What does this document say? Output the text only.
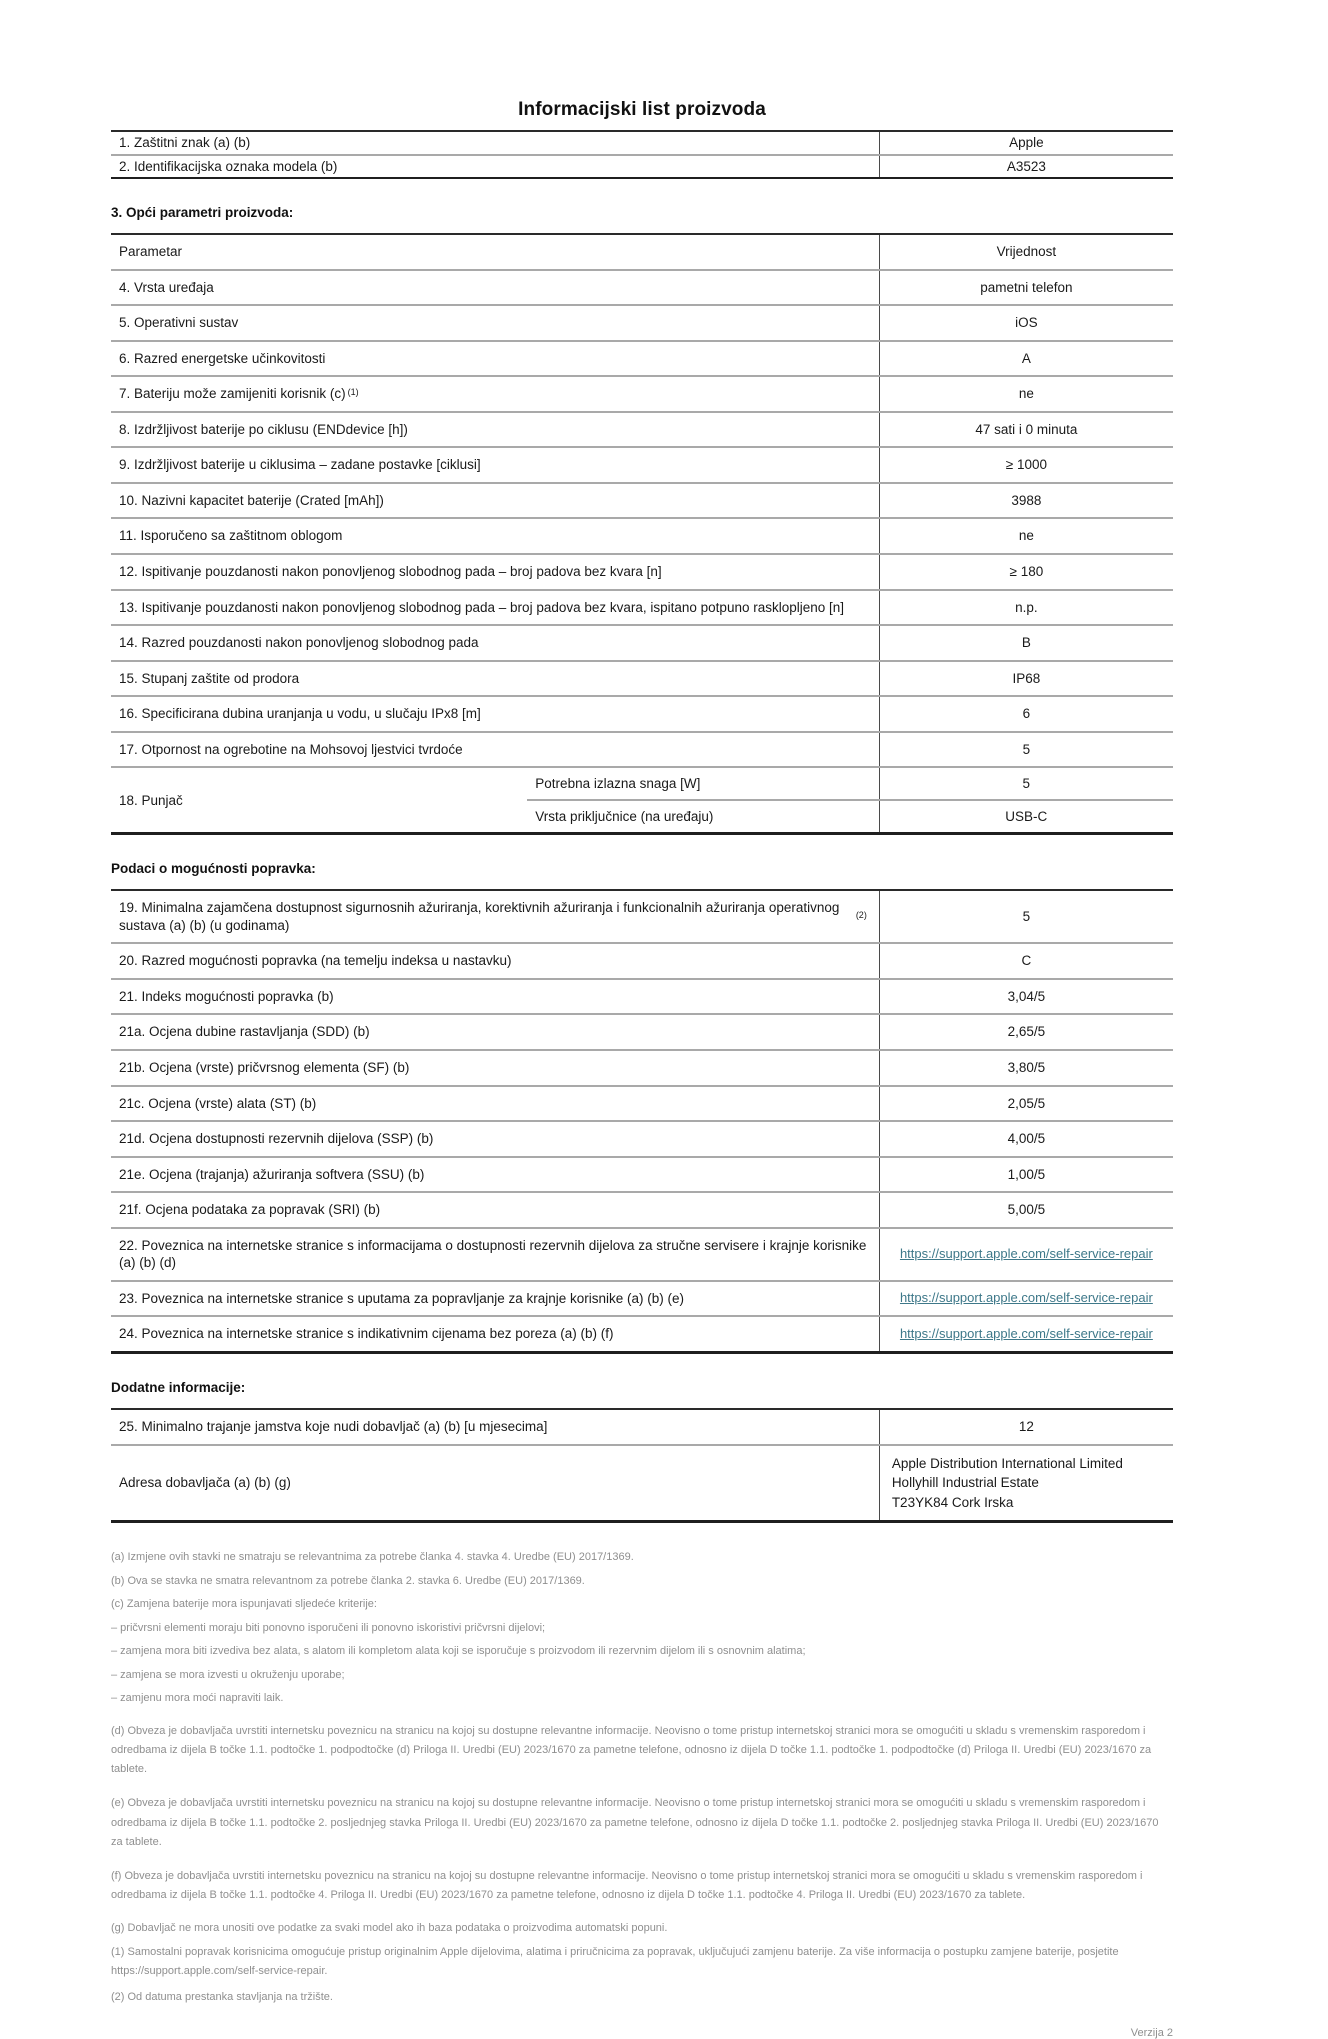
Informacijski list proizvoda
1. Zaštitni znak (a) (b)	Apple
2. Identifikacijska oznaka modela (b)	A3523
3. Opći parametri proizvoda:
Parametar	Vrijednost
4. Vrsta uređaja	pametni telefon
5. Operativni sustav	iOS
6. Razred energetske učinkovitosti	A
7. Bateriju može zamijeniti korisnik $(c)^{(1)}$	ne
8. Izdržljivost baterije po ciklusu (ENDdevice [h])	47 sati i 0 minuta
9. Izdržljivost baterije u ciklusima – zadane postavke [ciklusi]	≥ 1000
10. Nazivni kapacitet baterije (Crated [mAh])	3988
11. Isporučeno sa zaštitnom oblogom	ne
12. Ispitivanje pouzdanosti nakon ponovljenog slobodnog pada – broj padova bez kvara [n]	≥ 180
13. Ispitivanje pouzdanosti nakon ponovljenog slobodnog pada – broj padova bez kvara, ispitano potpuno rasklopljeno [n]	n.p.
14. Razred pouzdanosti nakon ponovljenog slobodnog pada	B
15. Stupanj zaštite od prodora	IP68
16. Specificirana dubina uranjanja u vodu, u slučaju IPx8 [m]	6
17. Otpornost na ogrebotine na Mohsovoj ljestvici tvrdoće	5
18. Punjač
Potrebna izlazna snaga [W]	5
Vrsta priključnice (na uređaju)	USB-C
Podaci o mogućnosti popravka:
19. Minimalna zajamčena dostupnost sigurnosnih ažuriranja, korektivnih ažuriranja i funkcionalnih ažuriranja operativnog sustava (a) (b) (u godinama)
$^{(2)}$	5
20. Razred mogućnosti popravka (na temelju indeksa u nastavku)	C
21. Indeks mogućnosti popravka (b)	3,04/5
21a. Ocjena dubine rastavljanja (SDD) (b)	2,65/5
21b. Ocjena (vrste) pričvrsnog elementa (SF) (b)	3,80/5
21c. Ocjena (vrste) alata (ST) (b)	2,05/5
21d. Ocjena dostupnosti rezervnih dijelova (SSP) (b)	4,00/5
21e. Ocjena (trajanja) ažuriranja softvera (SSU) (b)	1,00/5
21f. Ocjena podataka za popravak (SRI) (b)	5,00/5
22. Poveznica na internetske stranice s informacijama o dostupnosti rezervnih dijelova za stručne servisere i krajnje korisnike (a) (b) (d)
https://support.apple.com/self-service-repair
23. Poveznica na internetske stranice s uputama za popravljanje za krajnje korisnike (a) (b) (e)	https://support.apple.com/self-service-repair
24. Poveznica na internetske stranice s indikativnim cijenama bez poreza (a) (b) (f)	https://support.apple.com/self-service-repair
Dodatne informacije:
25. Minimalno trajanje jamstva koje nudi dobavljač (a) (b) [u mjesecima]	12
Adresa dobavljača (a) (b) (g)
Apple Distribution International Limited
Hollyhill Industrial Estate
T23YK84 Cork Irska

(a) Izmjene ovih stavki ne smatraju se relevantnima za potrebe članka 4. stavka 4. Uredbe (EU) 2017/1369.

(b) Ova se stavka ne smatra relevantnom za potrebe članka 2. stavka 6. Uredbe (EU) 2017/1369.

(c) Zamjena baterije mora ispunjavati sljedeće kriterije:

– pričvrsni elementi moraju biti ponovno isporučeni ili ponovno iskoristivi pričvrsni dijelovi;

– zamjena mora biti izvediva bez alata, s alatom ili kompletom alata koji se isporučuje s proizvodom ili rezervnim dijelom ili s osnovnim alatima;

– zamjena se mora izvesti u okruženju uporabe;

– zamjenu mora moći napraviti laik.

(d) Obveza je dobavljača uvrstiti internetsku poveznicu na stranicu na kojoj su dostupne relevantne informacije. Neovisno o tome pristup internetskoj stranici mora se omogućiti u skladu s vremenskim rasporedom i odredbama iz dijela B točke 1.1. podtočke 1. podpodtočke (d) Priloga II. Uredbi (EU) 2023/1670 za pametne telefone, odnosno iz dijela D točke 1.1. podtočke 1. podpodtočke (d) Priloga II. Uredbi (EU) 2023/1670 za tablete.

(e) Obveza je dobavljača uvrstiti internetsku poveznicu na stranicu na kojoj su dostupne relevantne informacije. Neovisno o tome pristup internetskoj stranici mora se omogućiti u skladu s vremenskim rasporedom i odredbama iz dijela B točke 1.1. podtočke 2. posljednjeg stavka Priloga II. Uredbi (EU) 2023/1670 za pametne telefone, odnosno iz dijela D točke 1.1. podtočke 2. posljednjeg stavka Priloga II. Uredbi (EU) 2023/1670 za tablete.

(f) Obveza je dobavljača uvrstiti internetsku poveznicu na stranicu na kojoj su dostupne relevantne informacije. Neovisno o tome pristup internetskoj stranici mora se omogućiti u skladu s vremenskim rasporedom i odredbama iz dijela B točke 1.1. podtočke 4. Priloga II. Uredbi (EU) 2023/1670 za pametne telefone, odnosno iz dijela D točke 1.1. podtočke 4. Priloga II. Uredbi (EU) 2023/1670 za tablete.

(g) Dobavljač ne mora unositi ove podatke za svaki model ako ih baza podataka o proizvodima automatski popuni.

(1) Samostalni popravak korisnicima omogućuje pristup originalnim Apple dijelovima, alatima i priručnicima za popravak, uključujući zamjenu baterije. Za više informacija o postupku zamjene baterije, posjetite https://support.apple.com/self-service-repair.

(2) Od datuma prestanka stavljanja na tržište.

Verzija 2
